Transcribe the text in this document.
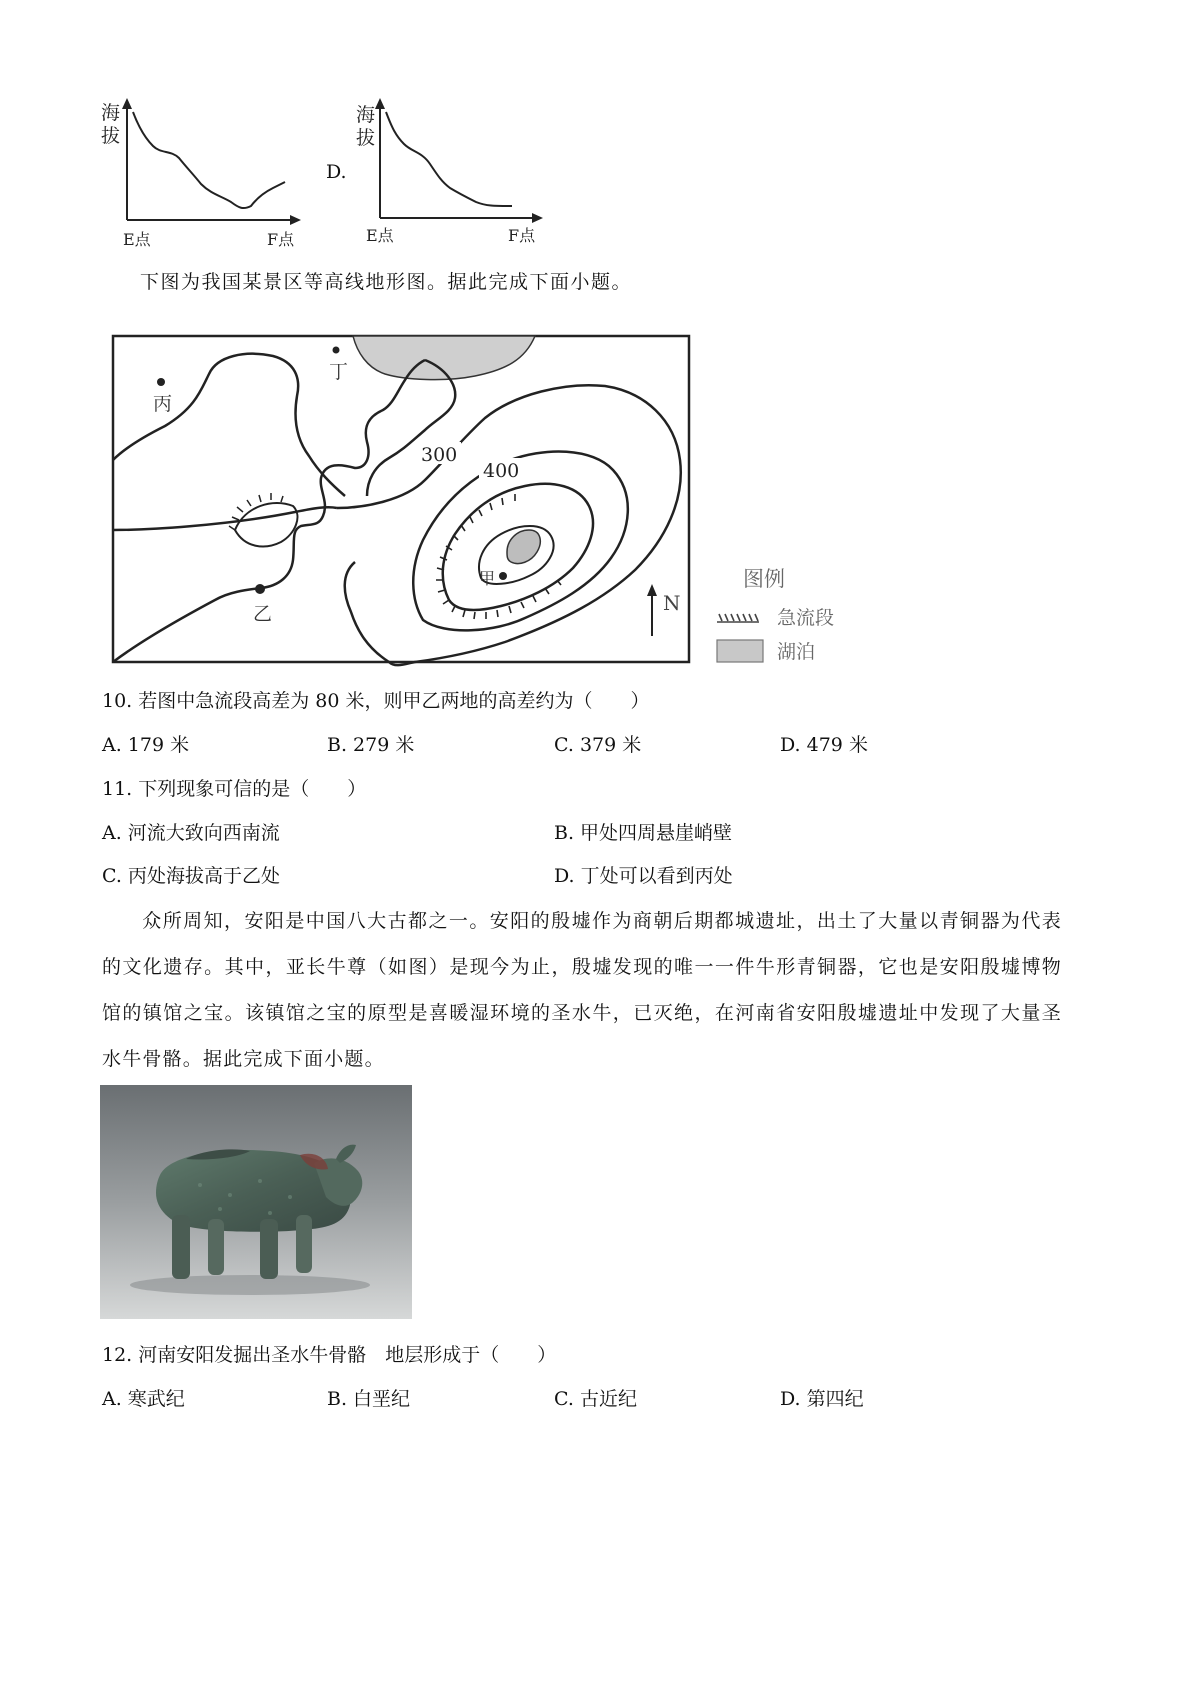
海
拔
E点	F点
D.
海
拔
E点	F点
下图为我国某景区等高线地形图。据此完成下面小题。
300
400
丙
丁
乙
甲
N
图例
急流段
湖泊
10. 若图中急流段高差为 80 米，则甲乙两地的高差约为（　　）
A. 179 米	B. 279 米	C. 379 米	D. 479 米
11. 下列现象可信的是（　　）
A. 河流大致向西南流	B. 甲处四周悬崖峭壁
C. 丙处海拔高于乙处	D. 丁处可以看到丙处
众所周知，安阳是中国八大古都之一。安阳的殷墟作为商朝后期都城遗址，出土了大量以青铜器为代表的文化遗存。其中，亚长牛尊（如图）是现今为止，殷墟发现的唯一一件牛形青铜器，它也是安阳殷墟博物馆的镇馆之宝。该镇馆之宝的原型是喜暖湿环境的圣水牛，已灭绝，在河南省安阳殷墟遗址中发现了大量圣水牛骨骼。据此完成下面小题。
12. 河南安阳发掘出圣水牛骨骼　地层形成于（　　）
A. 寒武纪	B. 白垩纪	C. 古近纪	D. 第四纪
